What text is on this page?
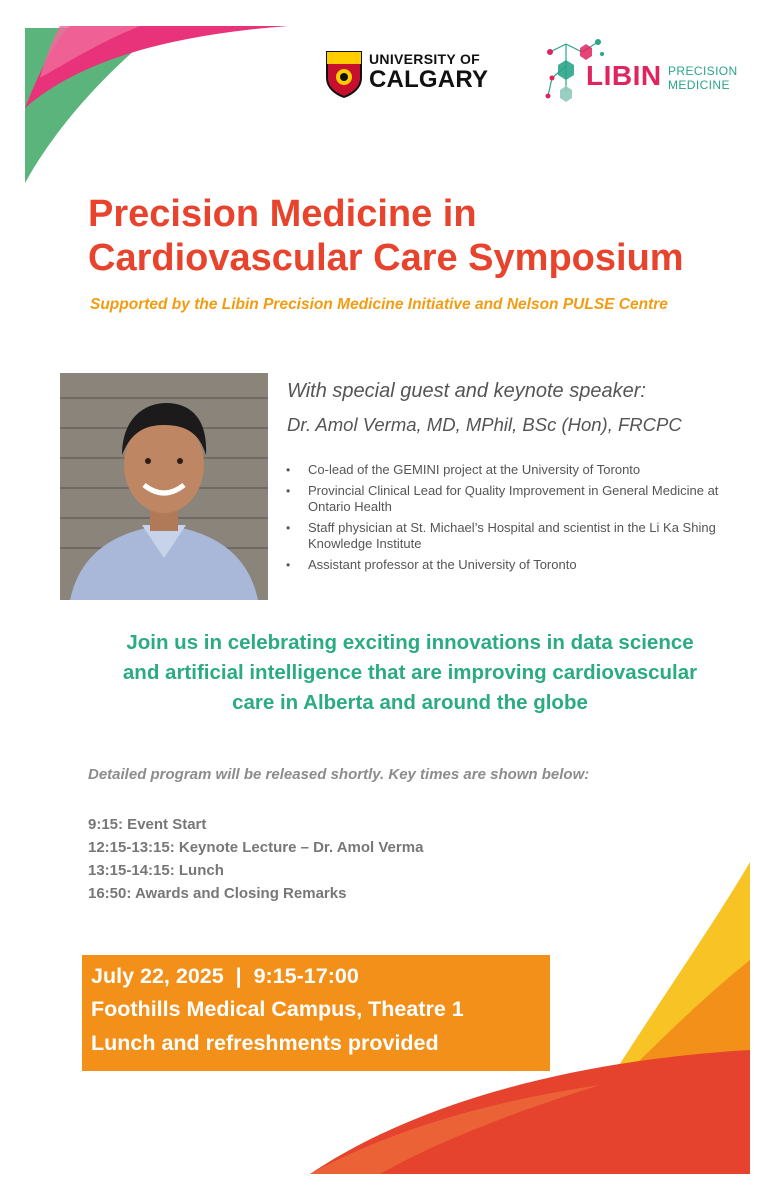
UNIVERSITY OF
CALGARY	LIBIN PRECISION
MEDICINE
Precision Medicine in
Cardiovascular Care Symposium
Supported by the Libin Precision Medicine Initiative and Nelson PULSE Centre
With special guest and keynote speaker:
Dr. Amol Verma, MD, MPhil, BSc (Hon), FRCPC
• Co-lead of the GEMINI project at the University of Toronto
• Provincial Clinical Lead for Quality Improvement in General Medicine at Ontario Health
• Staff physician at St. Michael’s Hospital and scientist in the Li Ka Shing Knowledge Institute
• Assistant professor at the University of Toronto
Join us in celebrating exciting innovations in data science
and artificial intelligence that are improving cardiovascular
care in Alberta and around the globe
Detailed program will be released shortly. Key times are shown below:
9:15: Event Start
12:15-13:15: Keynote Lecture – Dr. Amol Verma
13:15-14:15: Lunch
16:50: Awards and Closing Remarks
July 22, 2025  |  9:15-17:00
Foothills Medical Campus, Theatre 1
Lunch and refreshments provided
